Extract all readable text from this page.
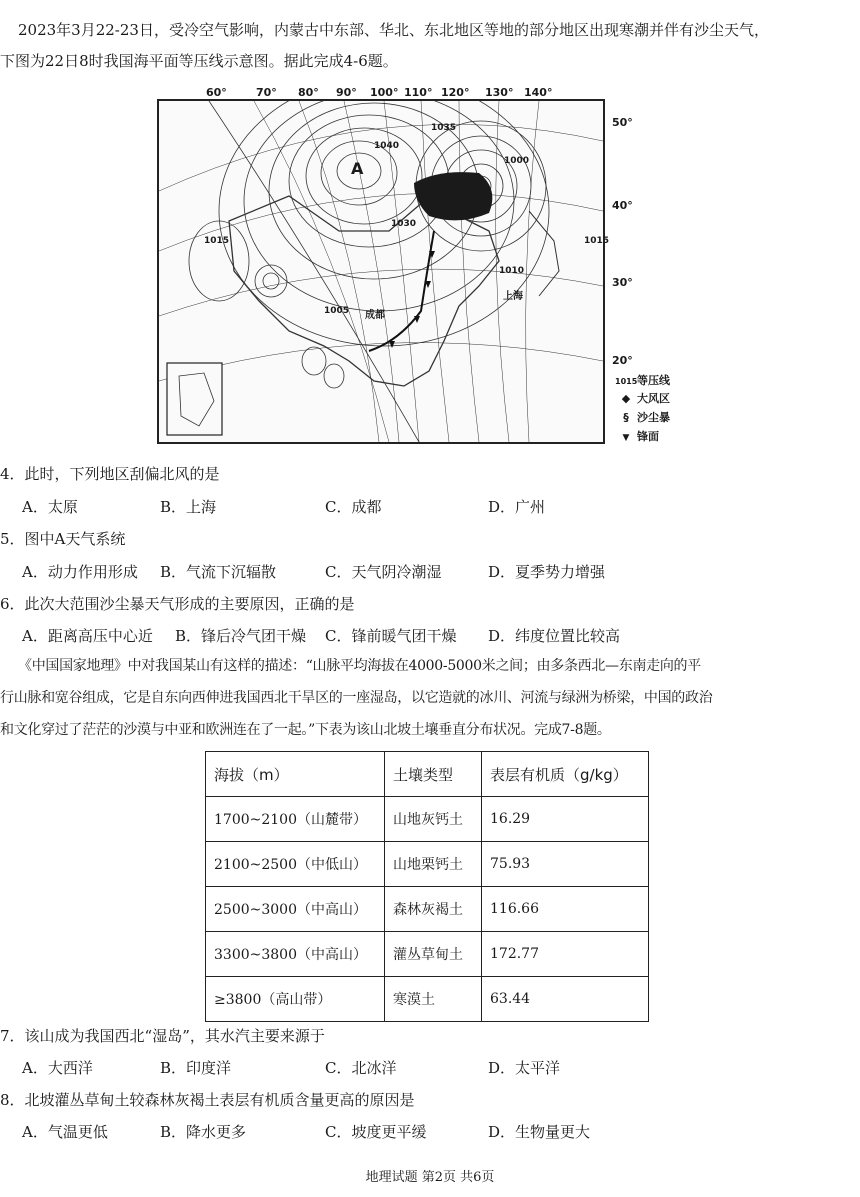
2023年3月22-23日，受冷空气影响，内蒙古中东部、华北、东北地区等地的部分地区出现寒潮并伴有沙尘天气，
下图为22日8时我国海平面等压线示意图。据此完成4-6题。
60°	70° 80° 90° 100° 110° 120° 130° 140°
A
1040
1035
1030
1005
1015
1010
1000
1015
上海
成都
50°
40°
30°
20°
1015等压线
◆ 大风区
§ 沙尘暴
▼ 锋面
4．此时，下列地区刮偏北风的是
A．太原	B．上海	C．成都	D．广州
5．图中A天气系统
A．动力作用形成 B．气流下沉辐散	C．天气阴冷潮湿	D．夏季势力增强
6．此次大范围沙尘暴天气形成的主要原因，正确的是
A．距离高压中心近 B．锋后冷气团干燥 C．锋前暖气团干燥 D．纬度位置比较高
《中国国家地理》中对我国某山有这样的描述：“山脉平均海拔在4000-5000米之间；由多条西北—东南走向的平
行山脉和宽谷组成，它是自东向西伸进我国西北干旱区的一座湿岛，以它造就的冰川、河流与绿洲为桥梁，中国的政治
和文化穿过了茫茫的沙漠与中亚和欧洲连在了一起。”下表为该山北坡土壤垂直分布状况。完成7-8题。
海拔（m）	土壤类型	表层有机质（g/kg）
1700~2100（山麓带）	山地灰钙土	16.29
2100~2500（中低山）	山地栗钙土	75.93
2500~3000（中高山）	森林灰褐土	116.66
3300~3800（中高山）	灌丛草甸土	172.77
≥3800（高山带）	寒漠土	63.44
7．该山成为我国西北“湿岛”，其水汽主要来源于
A．大西洋	B．印度洋	C．北冰洋	D．太平洋
8．北坡灌丛草甸土较森林灰褐土表层有机质含量更高的原因是
A．气温更低	B．降水更多	C．坡度更平缓	D．生物量更大
地理试题 第2页 共6页
